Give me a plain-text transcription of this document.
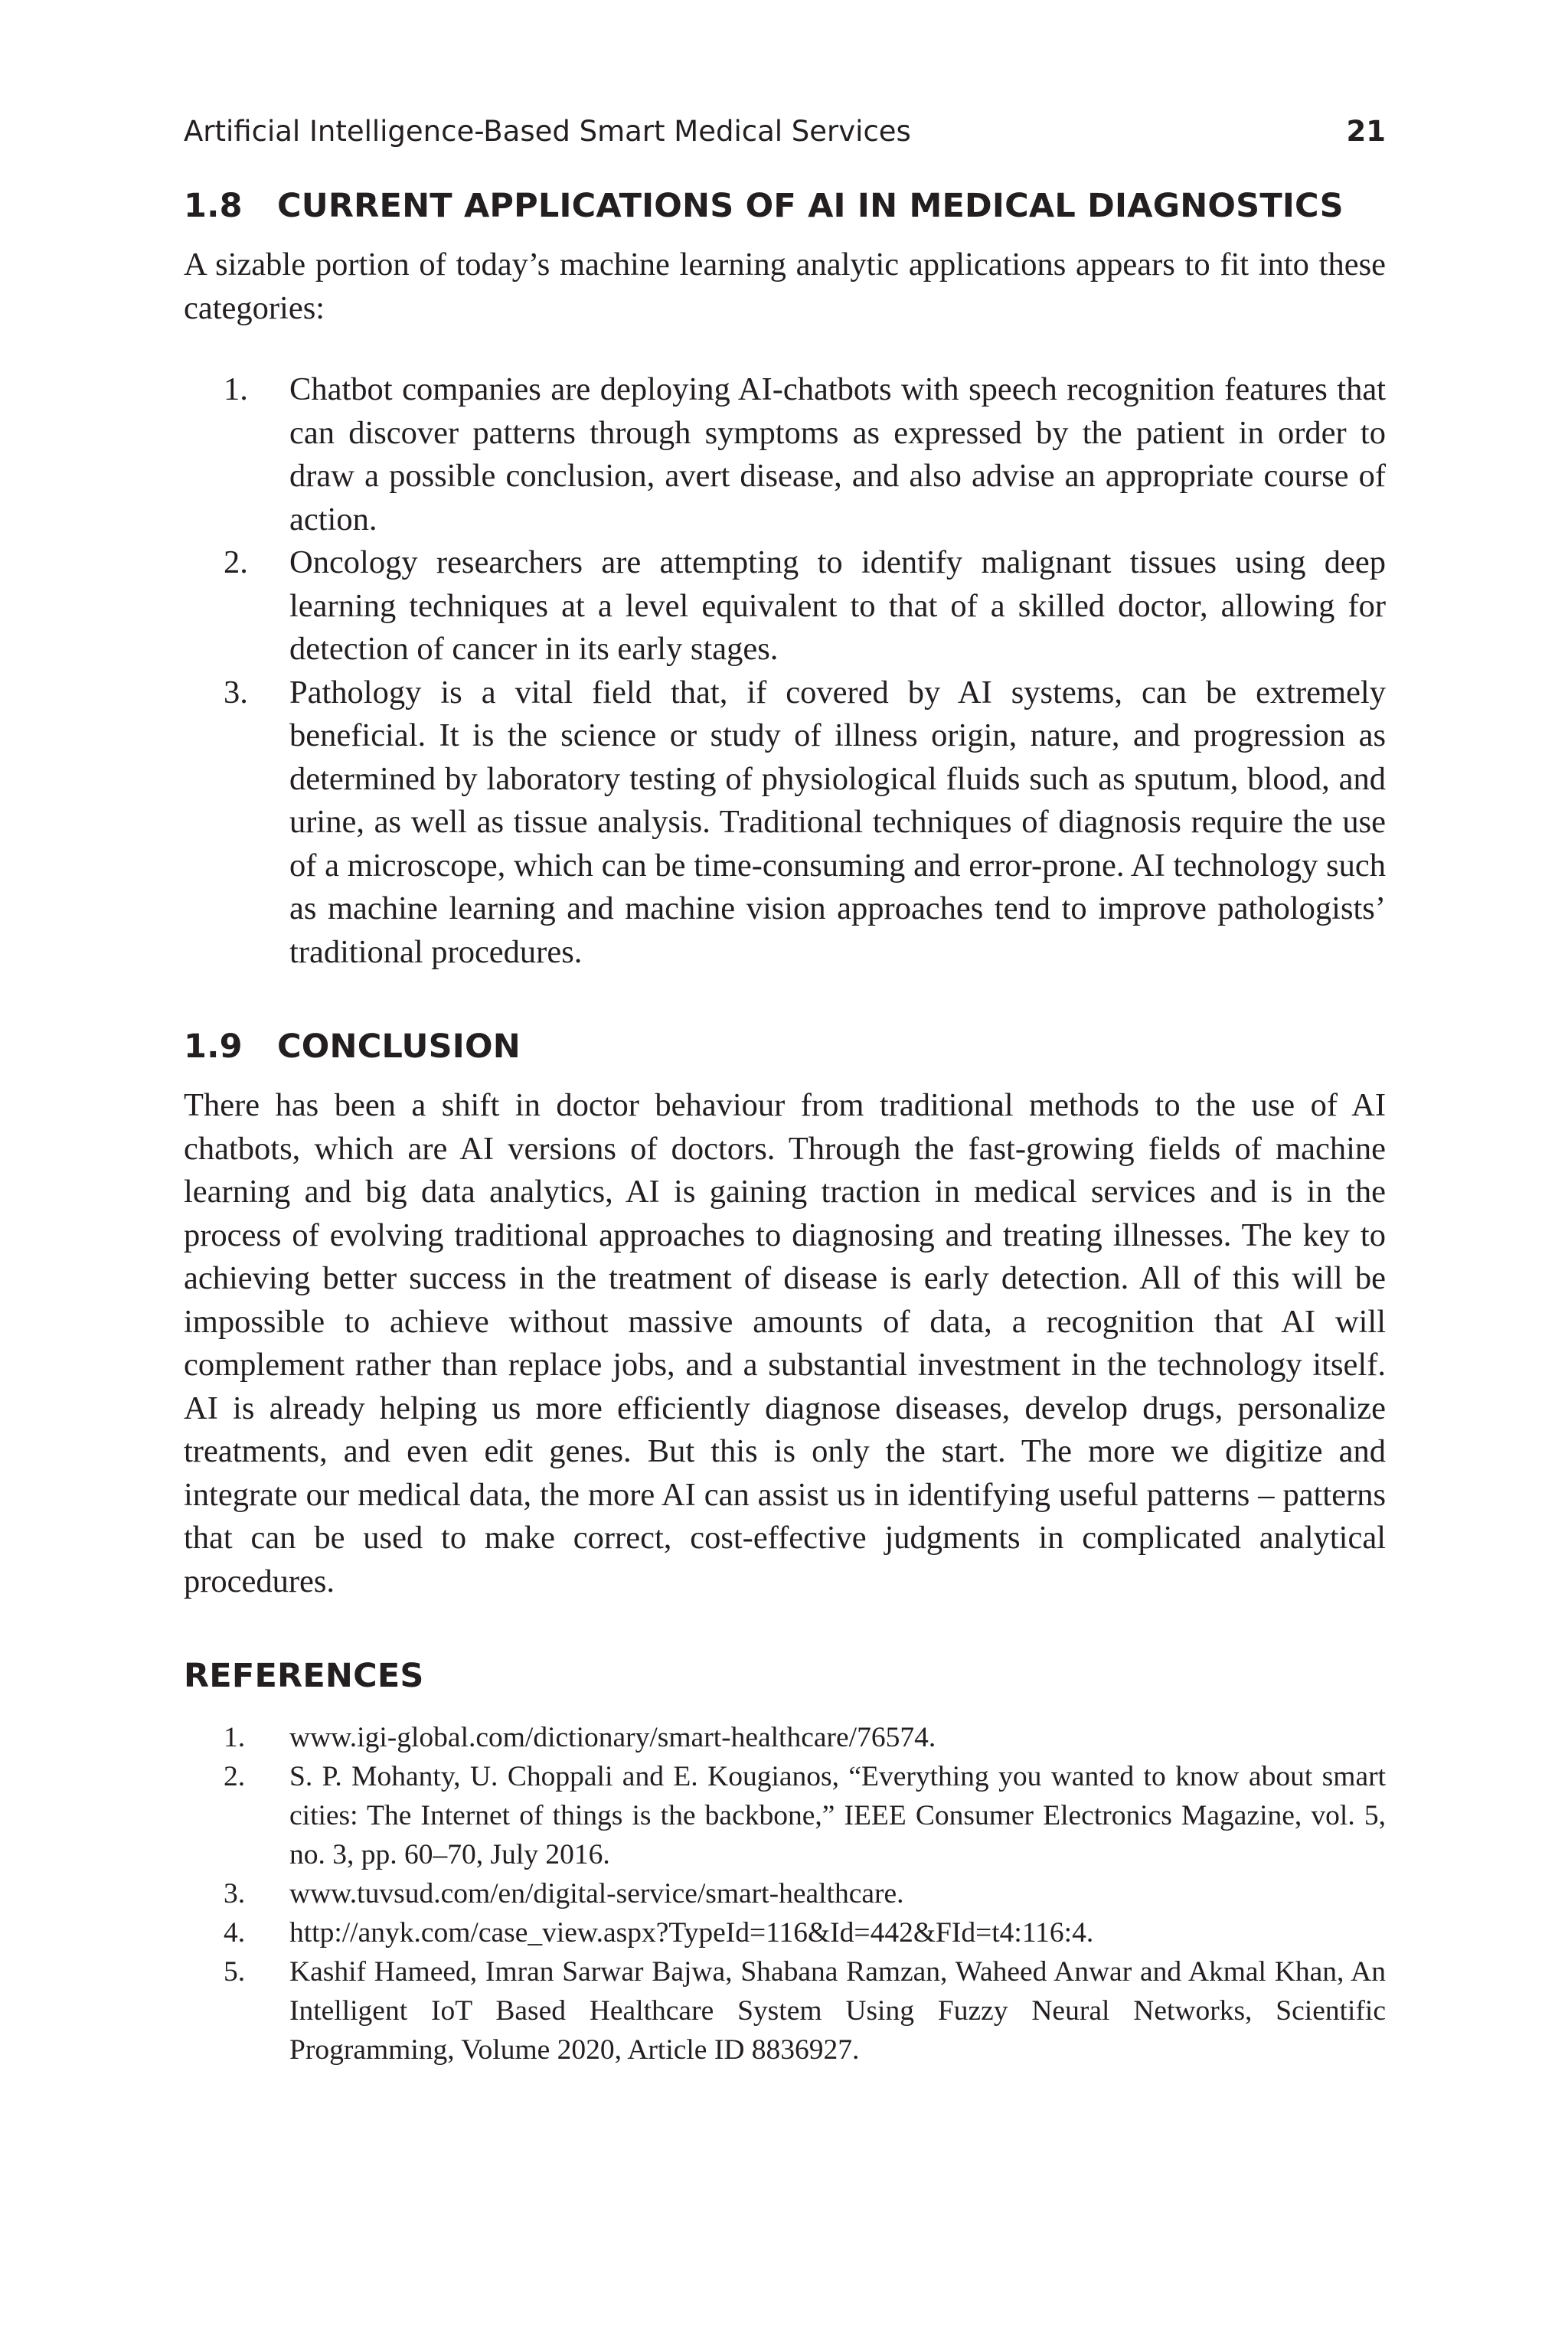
Artificial Intelligence-Based Smart Medical Services	21
1.8	CURRENT APPLICATIONS OF AI IN MEDICAL DIAGNOSTICS

A sizable portion of today’s machine learning analytic applications appears to fit into these categories:

1.	Chatbot companies are deploying AI-chatbots with speech recognition features that can discover patterns through symptoms as expressed by the patient in order to draw a possible conclusion, avert disease, and also advise an appropriate course of action.
2.	Oncology researchers are attempting to identify malignant tissues using deep learning techniques at a level equivalent to that of a skilled doctor, allowing for detection of cancer in its early stages.
3.	Pathology is a vital field that, if covered by AI systems, can be extremely beneficial. It is the science or study of illness origin, nature, and progression as determined by laboratory testing of physiological fluids such as sputum, blood, and urine, as well as tissue analysis. Traditional techniques of diagnosis require the use of a microscope, which can be time-consuming and error-prone. AI technology such as machine learning and machine vision approaches tend to improve pathologists’ traditional procedures.
1.9	CONCLUSION

There has been a shift in doctor behaviour from traditional methods to the use of AI chatbots, which are AI versions of doctors. Through the fast-growing fields of machine learning and big data analytics, AI is gaining traction in medical services and is in the process of evolving traditional approaches to diagnosing and treating illnesses. The key to achieving better success in the treatment of disease is early detection. All of this will be impossible to achieve without massive amounts of data, a recognition that AI will complement rather than replace jobs, and a substantial investment in the technology itself. AI is already helping us more efficiently diagnose diseases, develop drugs, personalize treatments, and even edit genes. But this is only the start. The more we digitize and integrate our medical data, the more AI can assist us in identifying useful patterns – patterns that can be used to make correct, cost-effective judgments in complicated analytical procedures.

REFERENCES
1.	www.igi-global.com/dictionary/smart-healthcare/76574.
2.	S. P. Mohanty, U. Choppali and E. Kougianos, “Everything you wanted to know about smart cities: The Internet of things is the backbone,” IEEE Consumer Electronics Magazine, vol. 5, no. 3, pp. 60–70, July 2016.
3.	www.tuvsud.com/en/digital-service/smart-healthcare.
4.	http://anyk.com/case_view.aspx?TypeId=116&Id=442&FId=t4:116:4.
5.	Kashif Hameed, Imran Sarwar Bajwa, Shabana Ramzan, Waheed Anwar and Akmal Khan, An Intelligent IoT Based Healthcare System Using Fuzzy Neural Networks, Scientific Programming, Volume 2020, Article ID 8836927.
